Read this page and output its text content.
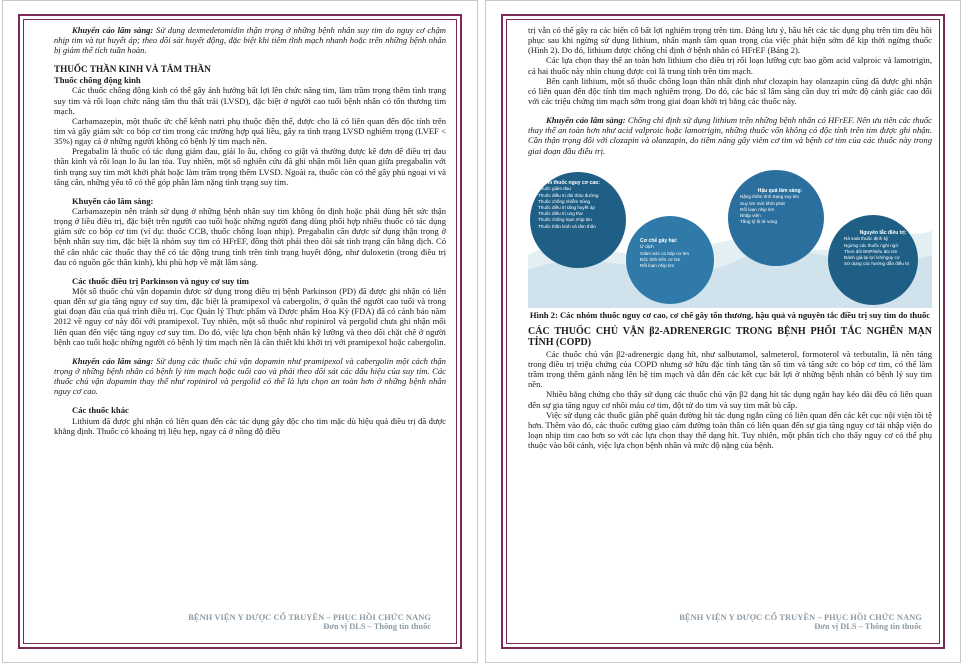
Khuyến cáo lâm sàng: Sử dụng dexmedetomidin thận trọng ở những bệnh nhân suy tim do nguy cơ chậm nhịp tim và tụt huyết áp; theo dõi sát huyết động, đặc biệt khi tiêm tĩnh mạch nhanh hoặc trên những bệnh nhân bị giảm thể tích tuần hoàn.

THUỐC THẦN KINH VÀ TÂM THẦN

Thuốc chống động kinh

Các thuốc chống động kinh có thể gây ảnh hưởng bất lợi lên chức năng tim, làm trầm trọng thêm tình trạng suy tim và rối loạn chức năng tâm thu thất trái (LVSD), đặc biệt ở người cao tuổi bệnh nhân có tổn thương tim mạch.

Carbamazepin, một thuốc ức chế kênh natri phụ thuộc điện thế, được cho là có liên quan đến độc tính trên tim và gây giảm sức co bóp cơ tim trong các trường hợp quá liều, gây ra tình trạng LVSD nghiêm trọng (LVEF < 35%) ngay cả ở những người không có bệnh lý tim mạch nền.

Pregabalin là thuốc có tác dụng giảm đau, giải lo âu, chống co giật và thường được kê đơn để điều trị đau thần kinh và rối loạn lo âu lan tỏa. Tuy nhiên, một số nghiên cứu đã ghi nhận mối liên quan giữa pregabalin với tình trạng suy tim mới khởi phát hoặc làm trầm trọng thêm LVSD. Ngoài ra, thuốc còn có thể gây phù ngoại vi và tăng cân, những yếu tố có thể góp phần làm nặng tình trạng suy tim.

Khuyến cáo lâm sàng:

Carbamazepin nên tránh sử dụng ở những bệnh nhân suy tim không ổn định hoặc phải dùng hết sức thận trọng ở liều điều trị, đặc biệt trên người cao tuổi hoặc những người đang dùng phối hợp nhiều thuốc có tác dụng giảm sức co bóp cơ tim (ví dụ: thuốc CCB, thuốc chống loạn nhịp). Pregabalin cần được sử dụng thận trọng ở bệnh nhân suy tim, đặc biệt là nhóm suy tim có HFrEF, đồng thời phải theo dõi sát tình trạng cân bằng dịch. Có thể cân nhắc các thuốc thay thế có tác động trung tính trên tình trạng huyết động, như duloxetin (trong điều trị đau có nguồn gốc thần kinh), khi phù hợp về mặt lâm sàng.

Các thuốc điều trị Parkinson và nguy cơ suy tim

Một số thuốc chủ vận dopamin được sử dụng trong điều trị bệnh Parkinson (PD) đã được ghi nhận có liên quan đến sự gia tăng nguy cơ suy tim, đặc biệt là pramipexol và cabergolin, ở quần thể người cao tuổi và trong giai đoạn đầu của quá trình điều trị. Cục Quản lý Thực phẩm và Dược phẩm Hoa Kỳ (FDA) đã có cảnh báo năm 2012 về nguy cơ này đối với pramipexol. Tuy nhiên, một số thuốc như ropinirol và pergolid chưa ghi nhận mối liên quan đến việc tăng nguy cơ suy tim. Do đó, việc lựa chọn bệnh nhân kỹ lưỡng và theo dõi chặt chẽ ở người bệnh cao tuổi hoặc những người có bệnh lý tim mạch nền là cần thiết khi khởi trị với pramipexol hoặc cabergolin.

Khuyến cáo lâm sàng: Sử dụng các thuốc chủ vận dopamin như pramipexol và cabergolin một cách thận trọng ở những bệnh nhân có bệnh lý tim mạch hoặc tuổi cao và phải theo dõi sát các dấu hiệu của suy tim. Các thuốc chủ vận dopamin thay thế như ropinirol và pergolid có thể là lựa chọn an toàn hơn ở những bệnh nhân nguy cơ cao.

Các thuốc khác

Lithium đã được ghi nhận có liên quan đến các tác dụng gây độc cho tim mặc dù hiệu quả điều trị đã được khẳng định. Thuốc có khoảng trị liệu hẹp, ngay cả ở nồng độ điều

BỆNH VIỆN Y DƯỢC CỔ TRUYỀN – PHỤC HỒI CHỨC NANG
Đơn vị DLS – Thông tin thuốc

trị vẫn có thể gây ra các biến cố bất lợi nghiêm trọng trên tim. Đáng lưu ý, hầu hết các tác dụng phụ trên tim đều hồi phục sau khi ngừng sử dụng lithium, nhấn mạnh tầm quan trọng của việc phát hiện sớm để kịp thời ngừng thuốc (Hình 2). Do đó, lithium được chống chỉ định ở bệnh nhân có HFrEF (Bảng 2).

Các lựa chọn thay thế an toàn hơn lithium cho điều trị rối loạn lưỡng cực bao gồm acid valproic và lamotrigin, cả hai thuốc này nhìn chung được coi là trung tính trên tim mạch.

Bên cạnh lithium, một số thuốc chống loạn thần nhất định như clozapin hay olanzapin cũng đã được ghi nhận có liên quan đến độc tính tim mạch nghiêm trọng. Do đó, các bác sĩ lâm sàng cần duy trì mức độ cảnh giác cao đối với các triệu chứng tim mạch sớm trong giai đoạn khởi trị bằng các thuốc này.

Khuyến cáo lâm sàng: Chống chỉ định sử dụng lithium trên những bệnh nhân có HFrEF. Nên ưu tiên các thuốc thay thế an toàn hơn như acid valproic hoặc lamotrigin, những thuốc vốn không có độc tính trên tim được ghi nhận. Cần thận trọng đối với clozapin và olanzapin, do tiềm năng gây viêm cơ tim và bệnh cơ tim của các thuốc này trong giai đoạn đầu điều trị.

Nhóm thuốc nguy cơ cao:
Thuốc giảm đau
Thuốc điều trị đái tháo đường
Thuốc chống nhiễm trùng
Thuốc điều trị tăng huyết áp
Thuốc điều trị ung thư
Thuốc chống loạn nhịp tim
Thuốc thần kinh và tâm thần
Cơ chế gây hại:
Ứ dịch
Giảm sức co bóp cơ tim
Độc tính trên cơ tim
Rối loạn nhịp tim
Hậu quả lâm sàng:
Nặng thêm tình trạng suy tim
Suy tim mới khởi phát
Rối loạn nhịp tim
Nhập viện
Tăng tỷ lệ tử vong
Nguyên tắc điều trị:
Rà soát thuốc định kỳ
Ngừng các thuốc nghi ngờ
Theo dõi BNP/siêu âm tim
Đánh giá lại lợi ích/nguy cơ
Sử dụng các hướng dẫn điều trị

Hình 2: Các nhóm thuốc nguy cơ cao, cơ chế gây tổn thương, hậu quả và nguyên tắc điều trị suy tim do thuốc

CÁC THUỐC CHỦ VẬN β2-ADRENERGIC TRONG BỆNH PHỔI TẮC NGHẼN MẠN TÍNH (COPD)

Các thuốc chủ vận β2-adrenergic dạng hít, như salbutamol, salmeterol, formoterol và terbutalin, là nền tảng trong điều trị triệu chứng của COPD nhưng sở hữu đặc tính tăng tần số tim và tăng sức co bóp cơ tim, có thể làm trầm trọng thêm gánh nặng lên hệ tim mạch và dẫn đến các kết cục bất lợi ở những bệnh nhân có bệnh lý suy tim nền.

Nhiều bằng chứng cho thấy sử dụng các thuốc chủ vận β2 dạng hít tác dụng ngắn hay kéo dài đều có liên quan đến sự gia tăng nguy cơ nhồi máu cơ tim, đột tử do tim và suy tim mất bù cấp.

Việc sử dụng các thuốc giãn phế quản đường hít tác dụng ngắn cũng có liên quan đến các kết cục nội viện tồi tệ hơn. Thêm vào đó, các thuốc cường giao cảm đường toàn thân có liên quan đến sự gia tăng nguy cơ tái nhập viện do loạn nhịp tim cao hơn so với các lựa chọn thay thế dạng hít. Tuy nhiên, một phân tích cho thấy nguy cơ có thể phụ thuộc vào bối cảnh, việc lựa chọn bệnh nhân và mức độ nặng của bệnh.

BỆNH VIỆN Y DƯỢC CỔ TRUYỀN – PHỤC HỒI CHỨC NANG
Đơn vị DLS – Thông tin thuốc
